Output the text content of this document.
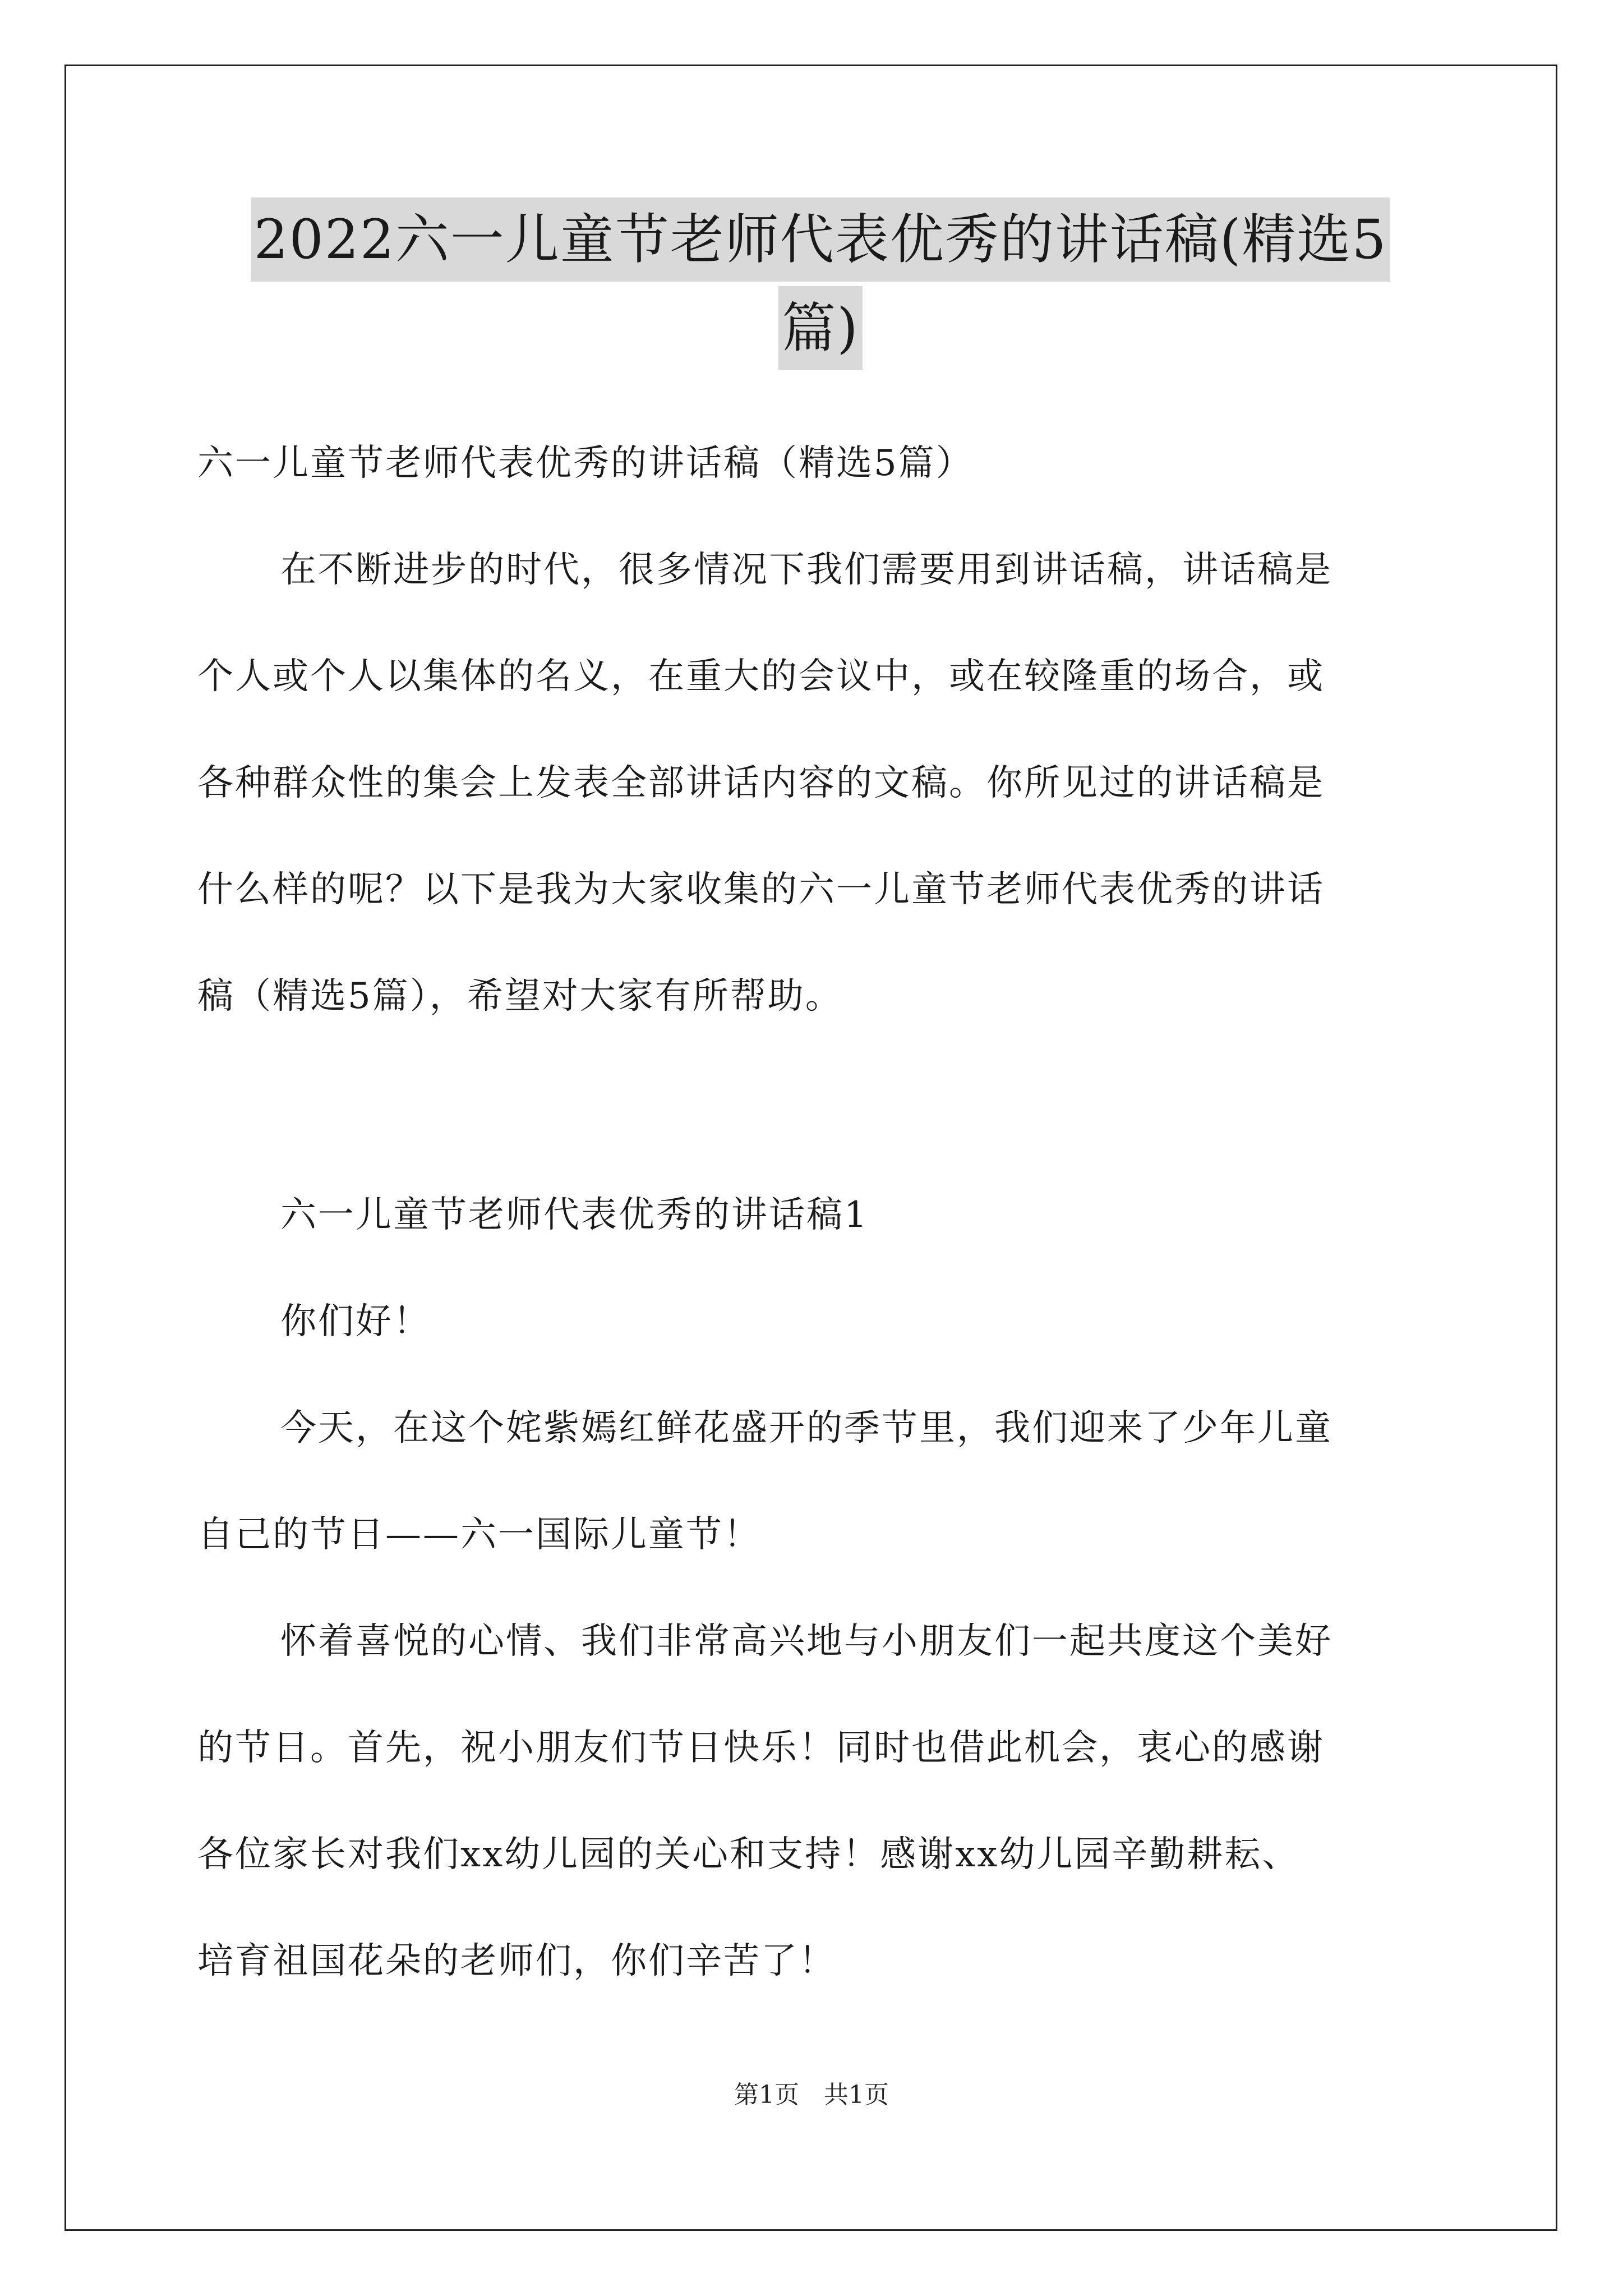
2022六一儿童节老师代表优秀的讲话稿(精选5
篇)
六一儿童节老师代表优秀的讲话稿（精选5篇）
在不断进步的时代，很多情况下我们需要用到讲话稿，讲话稿是
个人或个人以集体的名义，在重大的会议中，或在较隆重的场合，或
各种群众性的集会上发表全部讲话内容的文稿。你所见过的讲话稿是
什么样的呢？以下是我为大家收集的六一儿童节老师代表优秀的讲话
稿（精选5篇），希望对大家有所帮助。
六一儿童节老师代表优秀的讲话稿1
你们好！
今天，在这个姹紫嫣红鲜花盛开的季节里，我们迎来了少年儿童
自己的节日——六一国际儿童节！
怀着喜悦的心情、我们非常高兴地与小朋友们一起共度这个美好
的节日。首先，祝小朋友们节日快乐！同时也借此机会，衷心的感谢
各位家长对我们xx幼儿园的关心和支持！感谢xx幼儿园辛勤耕耘、
培育祖国花朵的老师们，你们辛苦了！
第1页　共1页
